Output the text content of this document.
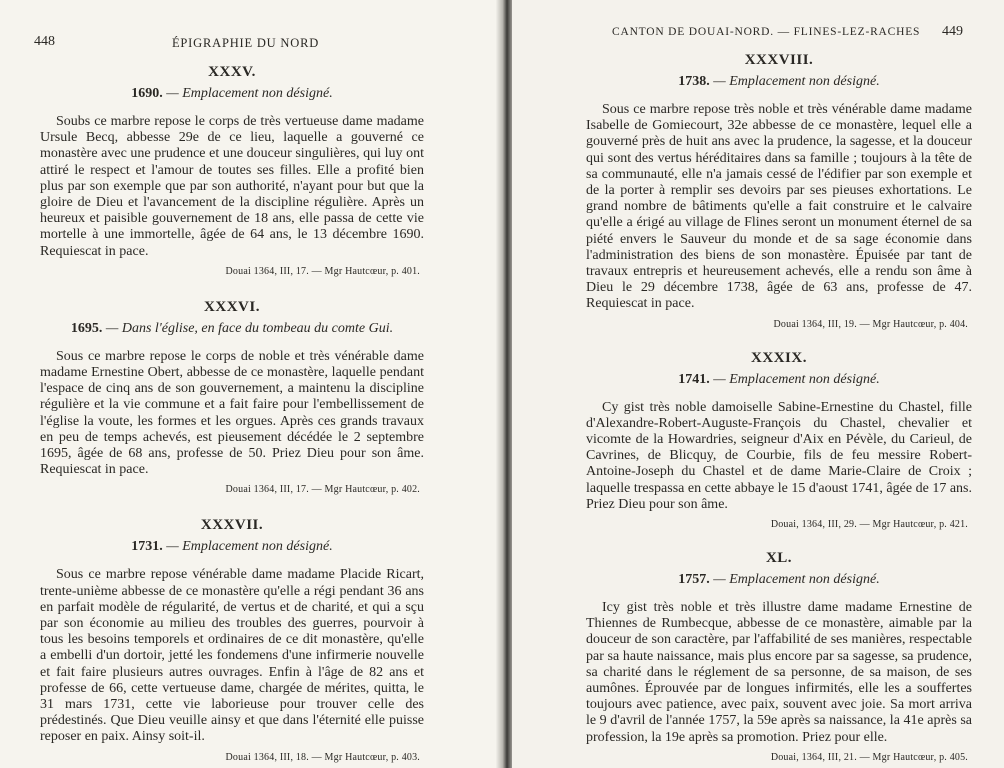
448	ÉPIGRAPHIE DU NORD

XXXV.

1690. — Emplacement non désigné.

Soubs ce marbre repose le corps de très vertueuse dame madame Ursule Becq, abbesse 29e de ce lieu, laquelle a gouverné ce monastère avec une prudence et une douceur singulières, qui luy ont attiré le respect et l'amour de toutes ses filles. Elle a profité bien plus par son exemple que par son authorité, n'ayant pour but que la gloire de Dieu et l'avancement de la discipline régulière. Après un heureux et paisible gouvernement de 18 ans, elle passa de cette vie mortelle à une immortelle, âgée de 64 ans, le 13 décembre 1690. Requiescat in pace.

Douai 1364, III, 17. — Mgr Hautcœur, p. 401.

XXXVI.

1695. — Dans l'église, en face du tombeau du comte Gui.

Sous ce marbre repose le corps de noble et très vénérable dame madame Ernestine Obert, abbesse de ce monastère, laquelle pendant l'espace de cinq ans de son gouvernement, a maintenu la discipline régulière et la vie commune et a fait faire pour l'embellissement de l'église la voute, les formes et les orgues. Après ces grands travaux en peu de temps achevés, est pieusement décédée le 2 septembre 1695, âgée de 68 ans, professe de 50. Priez Dieu pour son âme. Requiescat in pace.

Douai 1364, III, 17. — Mgr Hautcœur, p. 402.

XXXVII.

1731. — Emplacement non désigné.

Sous ce marbre repose vénérable dame madame Placide Ricart, trente-unième abbesse de ce monastère qu'elle a régi pendant 36 ans en parfait modèle de régularité, de vertus et de charité, et qui a sçu par son économie au milieu des troubles des guerres, pourvoir à tous les besoins temporels et ordinaires de ce dit monastère, qu'elle a embelli d'un dortoir, jetté les fondemens d'une infirmerie nouvelle et fait faire plusieurs autres ouvrages. Enfin à l'âge de 82 ans et professe de 66, cette vertueuse dame, chargée de mérites, quitta, le 31 mars 1731, cette vie laborieuse pour trouver celle des prédestinés. Que Dieu veuille ainsy et que dans l'éternité elle puisse reposer en paix. Ainsy soit-il.

Douai 1364, III, 18. — Mgr Hautcœur, p. 403.

CANTON DE DOUAI-NORD. — FLINES-LEZ-RACHES 449

XXXVIII.

1738. — Emplacement non désigné.

Sous ce marbre repose très noble et très vénérable dame madame Isabelle de Gomiecourt, 32e abbesse de ce monastère, lequel elle a gouverné près de huit ans avec la prudence, la sagesse, et la douceur qui sont des vertus héréditaires dans sa famille ; toujours à la tête de sa communauté, elle n'a jamais cessé de l'édifier par son exemple et de la porter à remplir ses devoirs par ses pieuses exhortations. Le grand nombre de bâtiments qu'elle a fait construire et le calvaire qu'elle a érigé au village de Flines seront un monument éternel de sa piété envers le Sauveur du monde et de sa sage économie dans l'administration des biens de son monastère. Épuisée par tant de travaux entrepris et heureusement achevés, elle a rendu son âme à Dieu le 29 décembre 1738, âgée de 63 ans, professe de 47. Requiescat in pace.

Douai 1364, III, 19. — Mgr Hautcœur, p. 404.

XXXIX.

1741. — Emplacement non désigné.

Cy gist très noble damoiselle Sabine-Ernestine du Chastel, fille d'Alexandre-Robert-Auguste-François du Chastel, chevalier et vicomte de la Howardries, seigneur d'Aix en Pévèle, du Carieul, de Cavrines, de Blicquy, de Courbie, fils de feu messire Robert-Antoine-Joseph du Chastel et de dame Marie-Claire de Croix ; laquelle trespassa en cette abbaye le 15 d'aoust 1741, âgée de 17 ans. Priez Dieu pour son âme.

Douai, 1364, III, 29. — Mgr Hautcœur, p. 421.

XL.

1757. — Emplacement non désigné.

Icy gist très noble et très illustre dame madame Ernestine de Thiennes de Rumbecque, abbesse de ce monastère, aimable par la douceur de son caractère, par l'affabilité de ses manières, respectable par sa haute naissance, mais plus encore par sa sagesse, sa prudence, sa charité dans le réglement de sa personne, de sa maison, de ses aumônes. Éprouvée par de longues infirmités, elle les a souffertes toujours avec patience, avec paix, souvent avec joie. Sa mort arriva le 9 d'avril de l'année 1757, la 59e après sa naissance, la 41e après sa profession, la 19e après sa promotion. Priez pour elle.

Douai, 1364, III, 21. — Mgr Hautcœur, p. 405.
